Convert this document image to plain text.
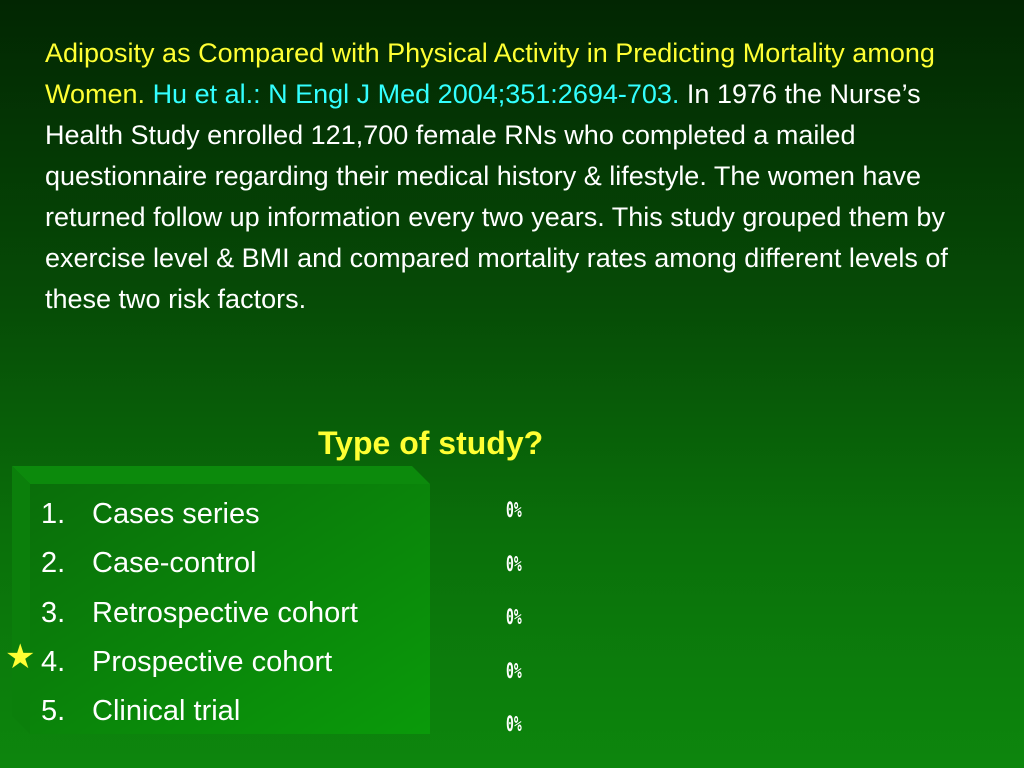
Adiposity as Compared with Physical Activity in Predicting Mortality among Women. Hu et al.: N Engl J Med 2004;351:2694-703. In 1976 the Nurse’s Health Study enrolled 121,700 female RNs who completed a mailed questionnaire regarding their medical history & lifestyle. The women have returned follow up information every two years. This study grouped them by exercise level & BMI and compared mortality rates among different levels of these two risk factors.

Type of study?
★
1. Cases series
2. Case-control
3. Retrospective cohort
4. Prospective cohort
5. Clinical trial
0%
0%
0%
0%
0%
